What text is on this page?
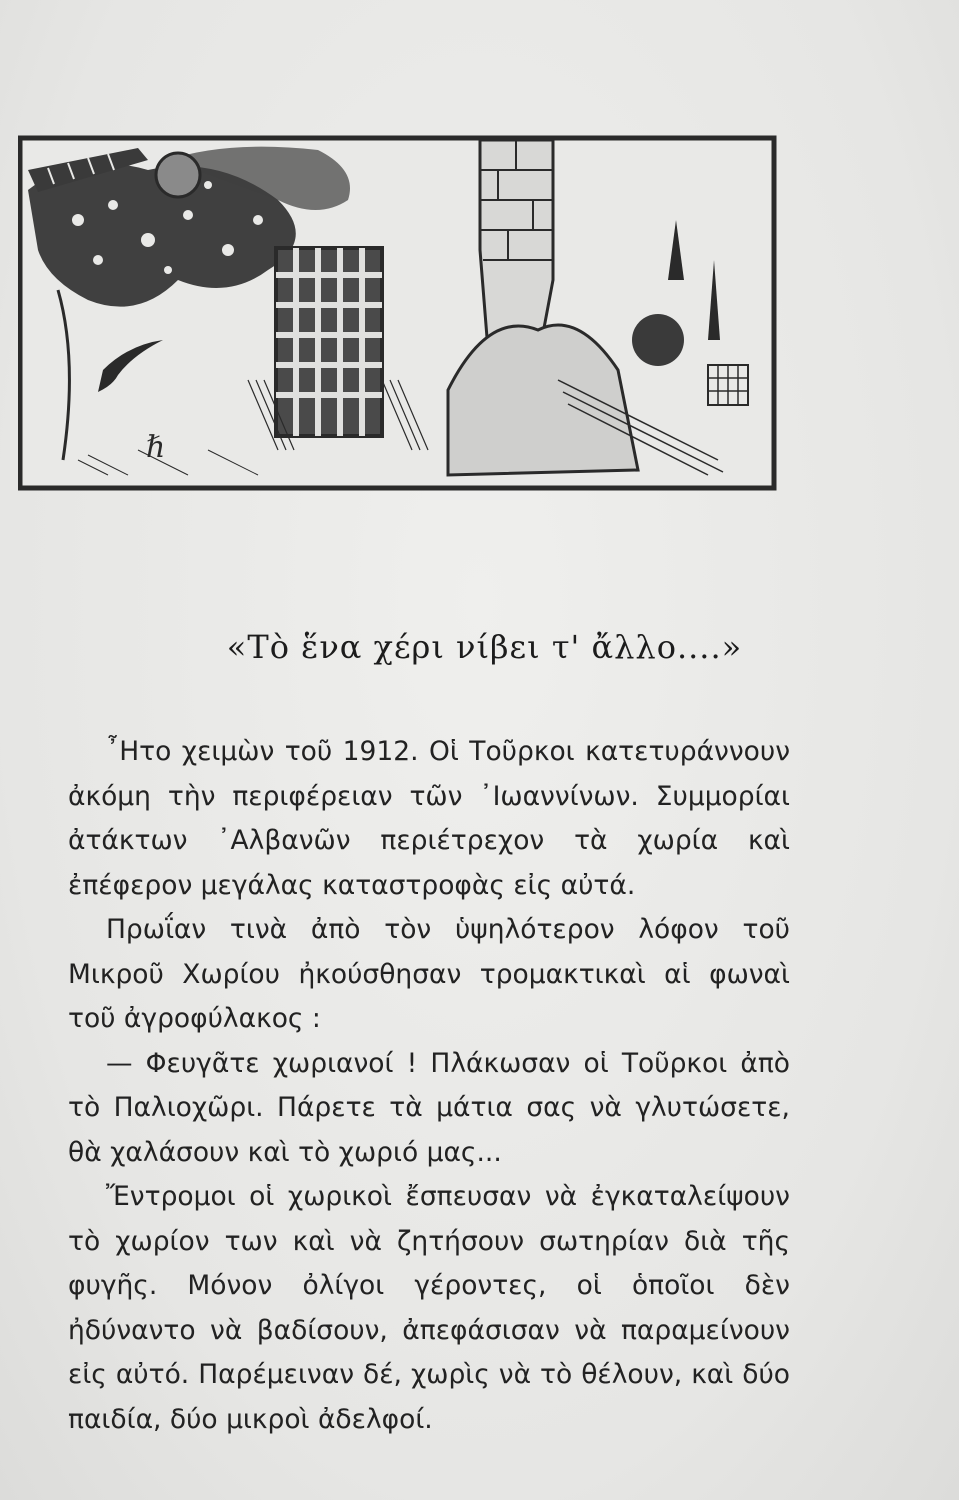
ℏ
«Τὸ ἕνα χέρι νίβει τ' ἄλλο....»

῏Ητο χειμὼν τοῦ 1912. Οἱ Τοῦρκοι κατετυράννουν ἀκόμη τὴν περιφέρειαν τῶν ᾿Ιωαννίνων. Συμμορίαι ἀτάκτων ᾿Αλβανῶν περιέτρεχον τὰ χωρία καὶ ἐπέφερον μεγάλας καταστροφὰς εἰς αὐτά.

Πρωΐαν τινὰ ἀπὸ τὸν ὑψηλότερον λόφον τοῦ Μικροῦ Χωρίου ἠκούσθησαν τρομακτικαὶ αἱ φωναὶ τοῦ ἀγροφύλακος :

— Φευγᾶτε χωριανοί ! Πλάκωσαν οἱ Τοῦρκοι ἀπὸ τὸ Παλιοχῶρι. Πάρετε τὰ μάτια σας νὰ γλυτώσετε, θὰ χαλάσουν καὶ τὸ χωριό μας...

Ἔντρομοι οἱ χωρικοὶ ἔσπευσαν νὰ ἐγκαταλείψουν τὸ χωρίον των καὶ νὰ ζητήσουν σωτηρίαν διὰ τῆς φυγῆς. Μόνον ὀλίγοι γέροντες, οἱ ὁποῖοι δὲν ἠδύναντο νὰ βαδίσουν, ἀπεφάσισαν νὰ παραμείνουν εἰς αὐτό. Παρέμειναν δέ, χωρὶς νὰ τὸ θέλουν, καὶ δύο παιδία, δύο μικροὶ ἀδελφοί.
